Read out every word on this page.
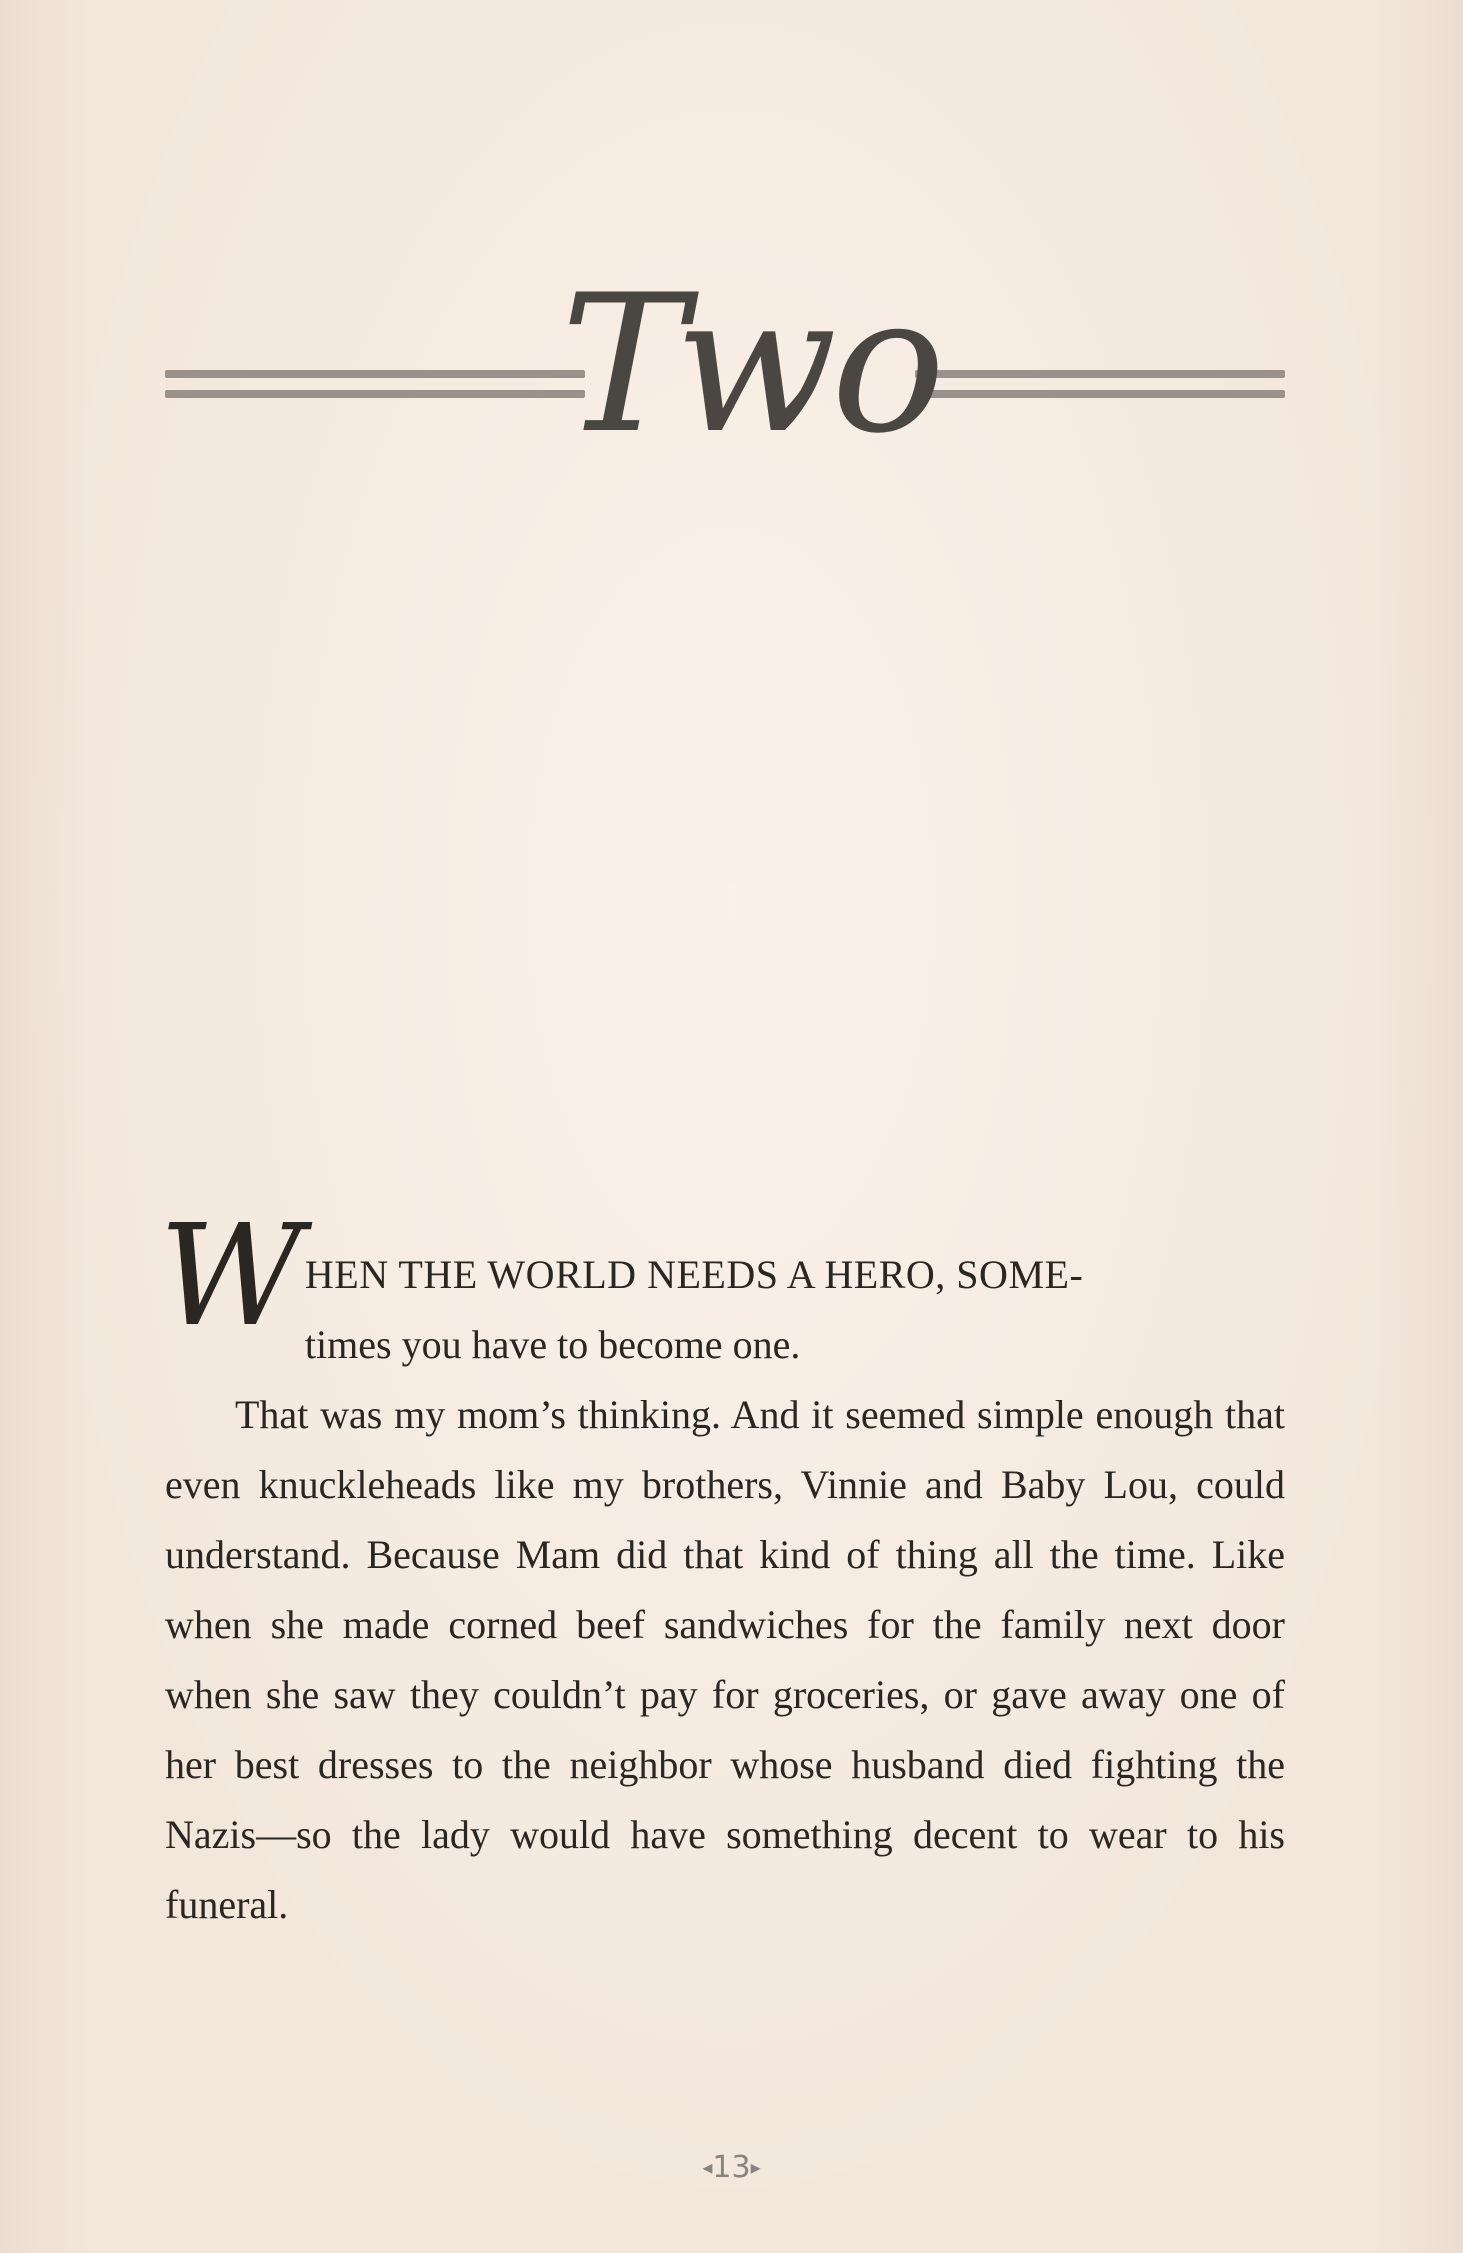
Two

WHEN THE WORLD NEEDS A HERO, SOME-
times you have to become one.

That was my mom’s thinking. And it seemed simple enough that even knuckleheads like my brothers, Vinnie and Baby Lou, could understand. Because Mam did that kind of thing all the time. Like when she made corned beef sandwiches for the family next door when she saw they couldn’t pay for groceries, or gave away one of her best dresses to the neighbor whose husband died fighting the Nazis—so the lady would have something decent to wear to his funeral.

◂13▸
